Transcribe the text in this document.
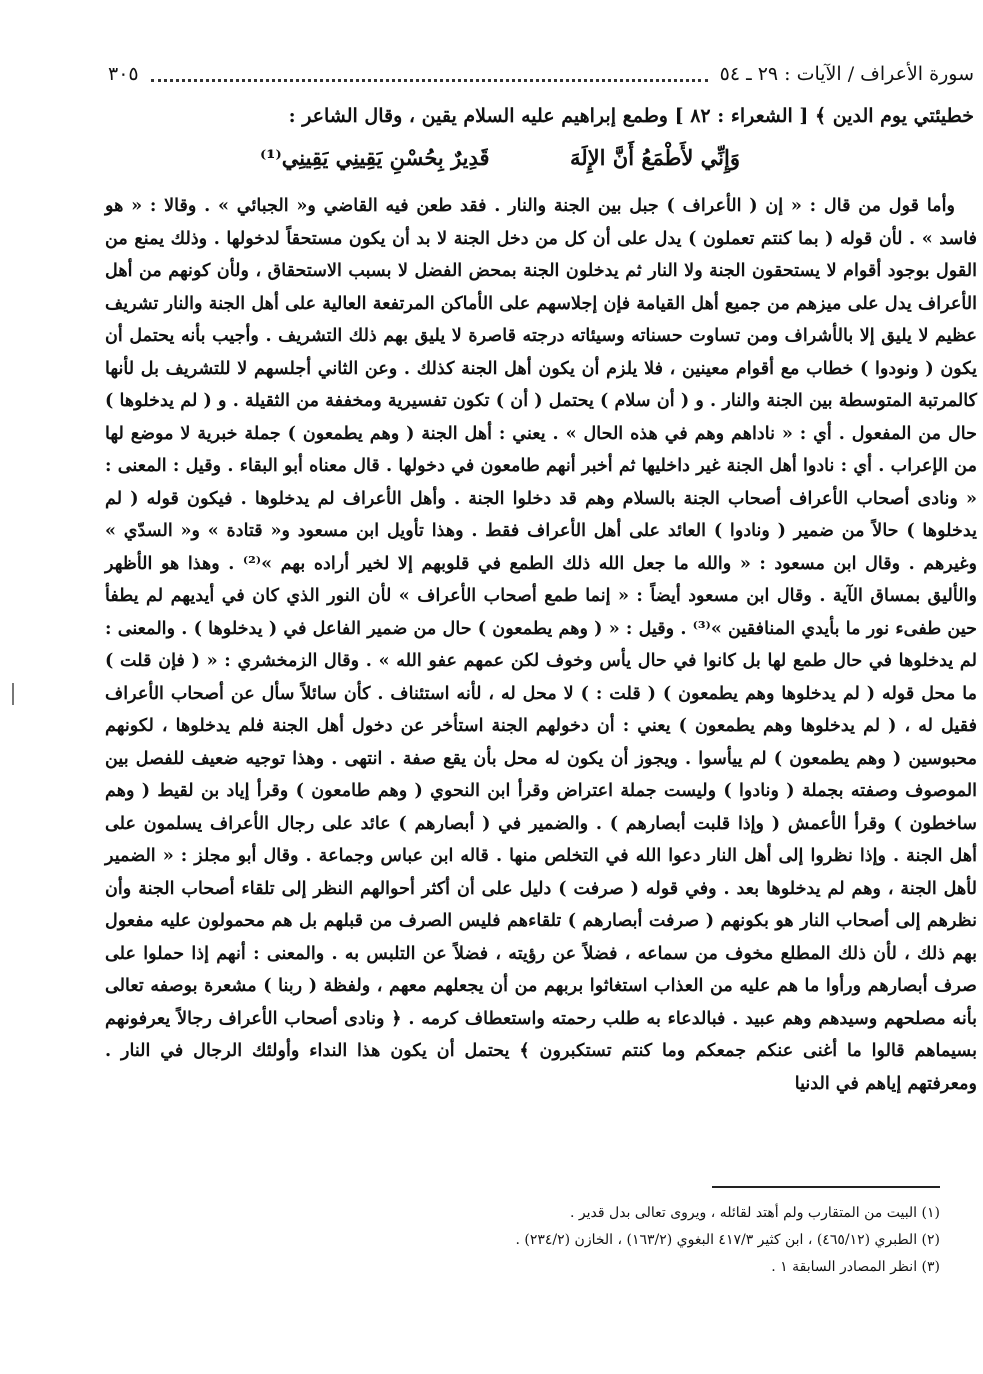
سورة الأعراف / الآيات : ٢٩ ـ ٥٤
٣٠٥
خطيئتي يوم الدين ﴾ [ الشعراء : ٨٢ ] وطمع إبراهيم عليه السلام يقين ، وقال الشاعر :
وَإِنِّي لأَطْمَعُ أَنَّ الإِلَهَ
قَدِيرٌ بِحُسْنِ يَقِينِي يَقِينِي⁽¹⁾

وأما قول من قال : « إن ( الأعراف ) جبل بين الجنة والنار . فقد طعن فيه القاضي و« الجبائي » . وقالا : « هو فاسد » . لأن قوله ( بما كنتم تعملون ) يدل على أن كل من دخل الجنة لا بد أن يكون مستحقاً لدخولها . وذلك يمنع من القول بوجود أقوام لا يستحقون الجنة ولا النار ثم يدخلون الجنة بمحض الفضل لا بسبب الاستحقاق ، ولأن كونهم من أهل الأعراف يدل على ميزهم من جميع أهل القيامة فإن إجلاسهم على الأماكن المرتفعة العالية على أهل الجنة والنار تشريف عظيم لا يليق إلا بالأشراف ومن تساوت حسناته وسيئاته درجته قاصرة لا يليق بهم ذلك التشريف . وأجيب بأنه يحتمل أن يكون ( ونودوا ) خطاب مع أقوام معينين ، فلا يلزم أن يكون أهل الجنة كذلك . وعن الثاني أجلسهم لا للتشريف بل لأنها كالمرتبة المتوسطة بين الجنة والنار . و ( أن سلام ) يحتمل ( أن ) تكون تفسيرية ومخففة من الثقيلة . و ( لم يدخلوها ) حال من المفعول . أي : « ناداهم وهم في هذه الحال » . يعني : أهل الجنة ( وهم يطمعون ) جملة خبرية لا موضع لها من الإعراب . أي : نادوا أهل الجنة غير داخليها ثم أخبر أنهم طامعون في دخولها . قال معناه أبو البقاء . وقيل : المعنى : « ونادى أصحاب الأعراف أصحاب الجنة بالسلام وهم قد دخلوا الجنة . وأهل الأعراف لم يدخلوها . فيكون قوله ( لم يدخلوها ) حالاً من ضمير ( ونادوا ) العائد على أهل الأعراف فقط . وهذا تأويل ابن مسعود و« قتادة » و« السدّي » وغيرهم . وقال ابن مسعود : « والله ما جعل الله ذلك الطمع في قلوبهم إلا لخير أراده بهم »⁽²⁾ . وهذا هو الأظهر والأليق بمساق الآية . وقال ابن مسعود أيضاً : « إنما طمع أصحاب الأعراف » لأن النور الذي كان في أيديهم لم يطفأ حين طفىء نور ما بأيدي المنافقين »⁽³⁾ . وقيل : « ( وهم يطمعون ) حال من ضمير الفاعل في ( يدخلوها ) . والمعنى : لم يدخلوها في حال طمع لها بل كانوا في حال يأس وخوف لكن عمهم عفو الله » . وقال الزمخشري : « ( فإن قلت ) ما محل قوله ( لم يدخلوها وهم يطمعون ) ( قلت : ) لا محل له ، لأنه استئناف . كأن سائلاً سأل عن أصحاب الأعراف فقيل له ، ( لم يدخلوها وهم يطمعون ) يعني : أن دخولهم الجنة استأخر عن دخول أهل الجنة فلم يدخلوها ، لكونهم محبوسين ( وهم يطمعون ) لم ييأسوا . ويجوز أن يكون له محل بأن يقع صفة . انتهى . وهذا توجيه ضعيف للفصل بين الموصوف وصفته بجملة ( ونادوا ) وليست جملة اعتراض وقرأ ابن النحوي ( وهم طامعون ) وقرأ إياد بن لقيط ( وهم ساخطون ) وقرأ الأعمش ( وإذا قلبت أبصارهم ) . والضمير في ( أبصارهم ) عائد على رجال الأعراف يسلمون على أهل الجنة . وإذا نظروا إلى أهل النار دعوا الله في التخلص منها . قاله ابن عباس وجماعة . وقال أبو مجلز : « الضمير لأهل الجنة ، وهم لم يدخلوها بعد . وفي قوله ( صرفت ) دليل على أن أكثر أحوالهم النظر إلى تلقاء أصحاب الجنة وأن نظرهم إلى أصحاب النار هو بكونهم ( صرفت أبصارهم ) تلقاءهم فليس الصرف من قبلهم بل هم محمولون عليه مفعول بهم ذلك ، لأن ذلك المطلع مخوف من سماعه ، فضلاً عن رؤيته ، فضلاً عن التلبس به . والمعنى : أنهم إذا حملوا على صرف أبصارهم ورأوا ما هم عليه من العذاب استغاثوا بربهم من أن يجعلهم معهم ، ولفظة ( ربنا ) مشعرة بوصفه تعالى بأنه مصلحهم وسيدهم وهم عبيد . فبالدعاء به طلب رحمته واستعطاف كرمه . ﴿ ونادى أصحاب الأعراف رجالاً يعرفونهم بسيماهم قالوا ما أغنى عنكم جمعكم وما كنتم تستكبرون ﴾ يحتمل أن يكون هذا النداء وأولئك الرجال في النار . ومعرفتهم إياهم في الدنيا

(١) البيت من المتقارب ولم أهتد لقائله ، ويروى تعالى بدل قدير .
(٢) الطبري (٤٦٥/١٢) ، ابن كثير ٤١٧/٣ البغوي (١٦٣/٢) ، الخازن (٢٣٤/٢) .
(٣) انظر المصادر السابقة ١ .
